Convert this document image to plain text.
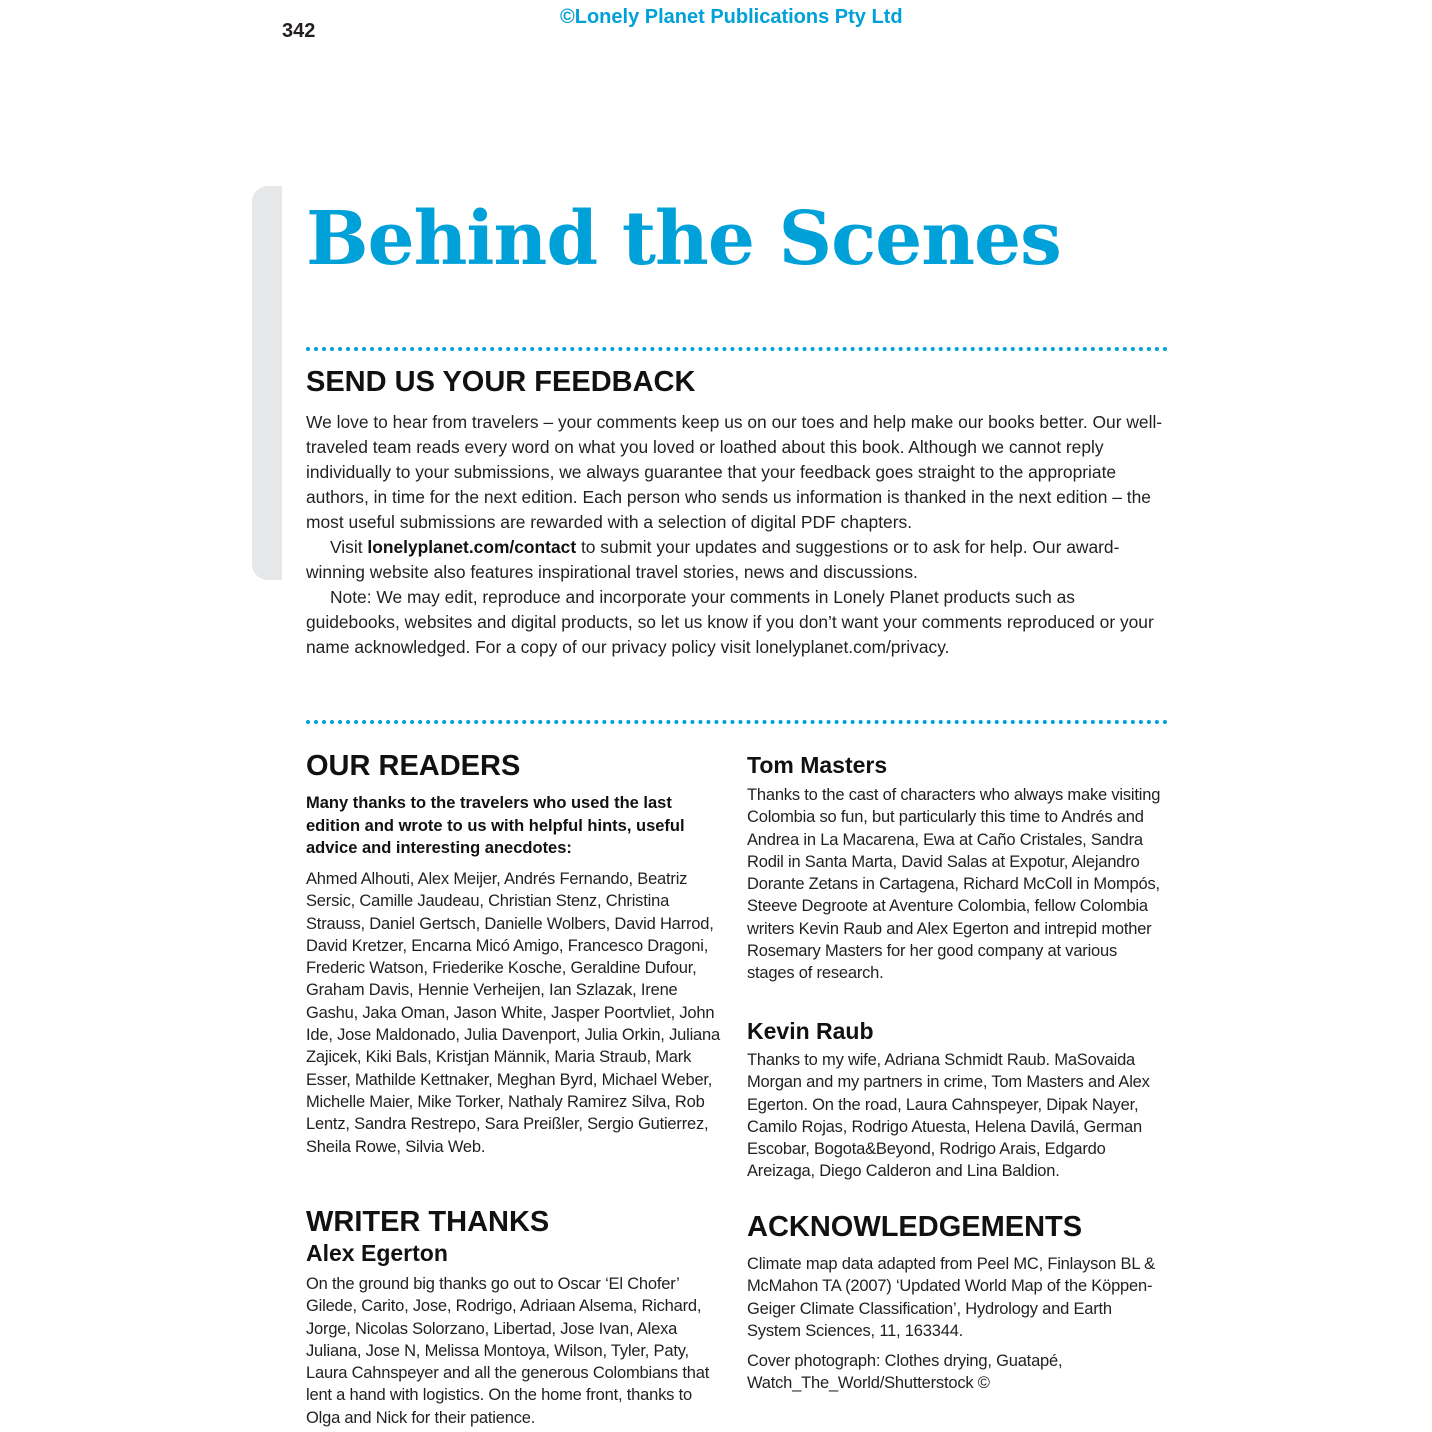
342
©Lonely Planet Publications Pty Ltd
Behind the Scenes
SEND US YOUR FEEDBACK

We love to hear from travelers – your comments keep us on our toes and help make our books better. Our well-traveled team reads every word on what you loved or loathed about this book. Although we cannot reply individually to your submissions, we always guarantee that your feedback goes straight to the appropriate authors, in time for the next edition. Each person who sends us information is thanked in the next edition – the most useful submissions are rewarded with a selection of digital PDF chapters.

Visit lonelyplanet.com/contact to submit your updates and suggestions or to ask for help. Our award-winning website also features inspirational travel stories, news and discussions.

Note: We may edit, reproduce and incorporate your comments in Lonely Planet products such as guidebooks, websites and digital products, so let us know if you don’t want your comments reproduced or your name acknowledged. For a copy of our privacy policy visit lonelyplanet.com/privacy.

OUR READERS
Many thanks to the travelers who used the last edition and wrote to us with helpful hints, useful advice and interesting anecdotes:

Ahmed Alhouti, Alex Meijer, Andrés Fernando, Beatriz Sersic, Camille Jaudeau, Christian Stenz, Christina Strauss, Daniel Gertsch, Danielle Wolbers, David Harrod, David Kretzer, Encarna Micó Amigo, Francesco Dragoni, Frederic Watson, Friederike Kosche, Geraldine Dufour, Graham Davis, Hennie Verheijen, Ian Szlazak, Irene Gashu, Jaka Oman, Jason White, Jasper Poortvliet, John Ide, Jose Maldonado, Julia Davenport, Julia Orkin, Juliana Zajicek, Kiki Bals, Kristjan Männik, Maria Straub, Mark Esser, Mathilde Kettnaker, Meghan Byrd, Michael Weber, Michelle Maier, Mike Torker, Nathaly Ramirez Silva, Rob Lentz, Sandra Restrepo, Sara Preißler, Sergio Gutierrez, Sheila Rowe, Silvia Web.

WRITER THANKS
Alex Egerton

On the ground big thanks go out to Oscar ‘El Chofer’ Gilede, Carito, Jose, Rodrigo, Adriaan Alsema, Richard, Jorge, Nicolas Solorzano, Libertad, Jose Ivan, Alexa Juliana, Jose N, Melissa Montoya, Wilson, Tyler, Paty, Laura Cahnspeyer and all the generous Colombians that lent a hand with logistics. On the home front, thanks to Olga and Nick for their patience.

Tom Masters

Thanks to the cast of characters who always make visiting Colombia so fun, but particularly this time to Andrés and Andrea in La Macarena, Ewa at Caño Cristales, Sandra Rodil in Santa Marta, David Salas at Expotur, Alejandro Dorante Zetans in Cartagena, Richard McColl in Mompós, Steeve Degroote at Aventure Colombia, fellow Colombia writers Kevin Raub and Alex Egerton and intrepid mother Rosemary Masters for her good company at various stages of research.

Kevin Raub

Thanks to my wife, Adriana Schmidt Raub. MaSovaida Morgan and my partners in crime, Tom Masters and Alex Egerton. On the road, Laura Cahnspeyer, Dipak Nayer, Camilo Rojas, Rodrigo Atuesta, Helena Davilá, German Escobar, Bogota&Beyond, Rodrigo Arais, Edgardo Areizaga, Diego Calderon and Lina Baldion.

ACKNOWLEDGEMENTS

Climate map data adapted from Peel MC, Finlayson BL & McMahon TA (2007) ‘Updated World Map of the Köppen-Geiger Climate Classification’, Hydrology and Earth System Sciences, 11, 163344.

Cover photograph: Clothes drying, Guatapé, Watch_The_World/Shutterstock ©
